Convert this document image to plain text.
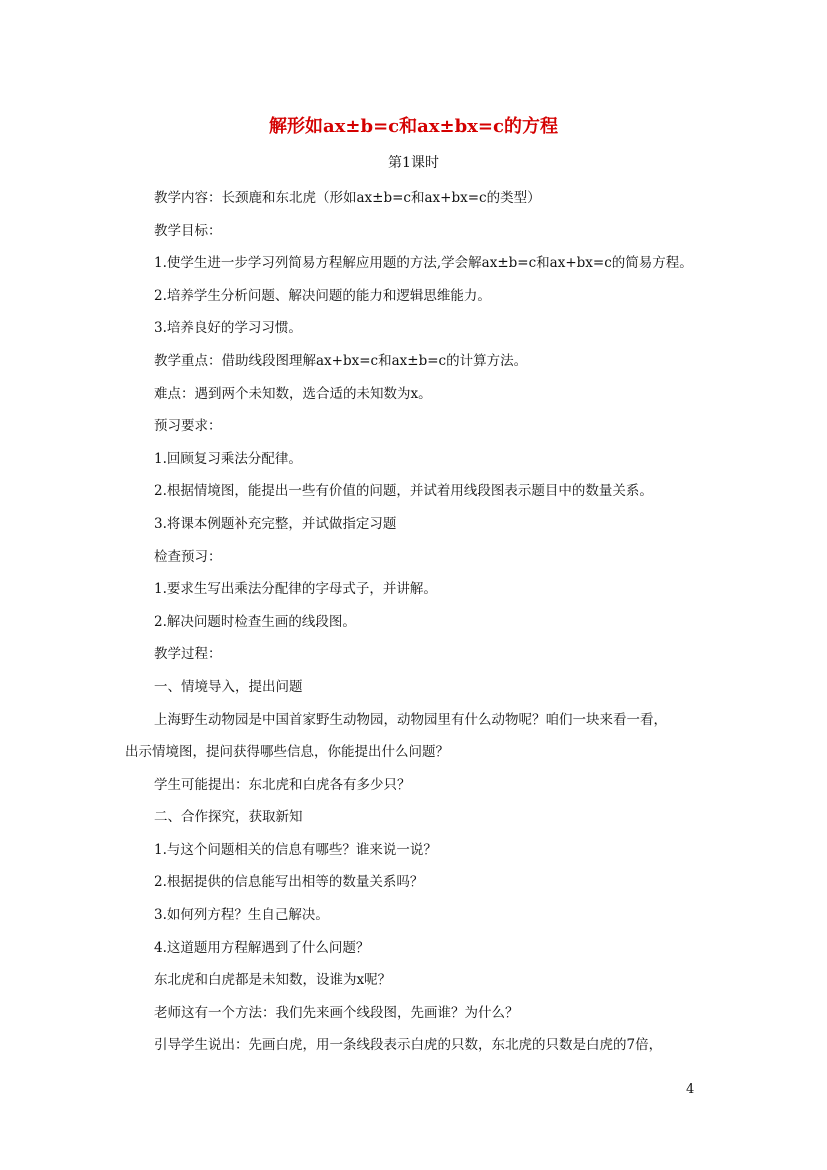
解形如ax±b=c和ax±bx=c的方程
第1课时
教学内容：长颈鹿和东北虎（形如ax±b=c和ax+bx=c的类型）
教学目标：
1.使学生进一步学习列简易方程解应用题的方法,学会解ax±b=c和ax+bx=c的简易方程。
2.培养学生分析问题、解决问题的能力和逻辑思维能力。
3.培养良好的学习习惯。
教学重点：借助线段图理解ax+bx=c和ax±b=c的计算方法。
难点：遇到两个未知数，选合适的未知数为x。
预习要求：
1.回顾复习乘法分配律。
2.根据情境图，能提出一些有价值的问题，并试着用线段图表示题目中的数量关系。
3.将课本例题补充完整，并试做指定习题
检查预习：
1.要求生写出乘法分配律的字母式子，并讲解。
2.解决问题时检查生画的线段图。
教学过程：
一、情境导入，提出问题
上海野生动物园是中国首家野生动物园，动物园里有什么动物呢？咱们一块来看一看，
出示情境图，提问获得哪些信息，你能提出什么问题？
学生可能提出：东北虎和白虎各有多少只？
二、合作探究，获取新知
1.与这个问题相关的信息有哪些？谁来说一说？
2.根据提供的信息能写出相等的数量关系吗？
3.如何列方程？生自己解决。
4.这道题用方程解遇到了什么问题？
东北虎和白虎都是未知数，设谁为x呢？
老师这有一个方法：我们先来画个线段图，先画谁？为什么？
引导学生说出：先画白虎，用一条线段表示白虎的只数，东北虎的只数是白虎的7倍，
4
